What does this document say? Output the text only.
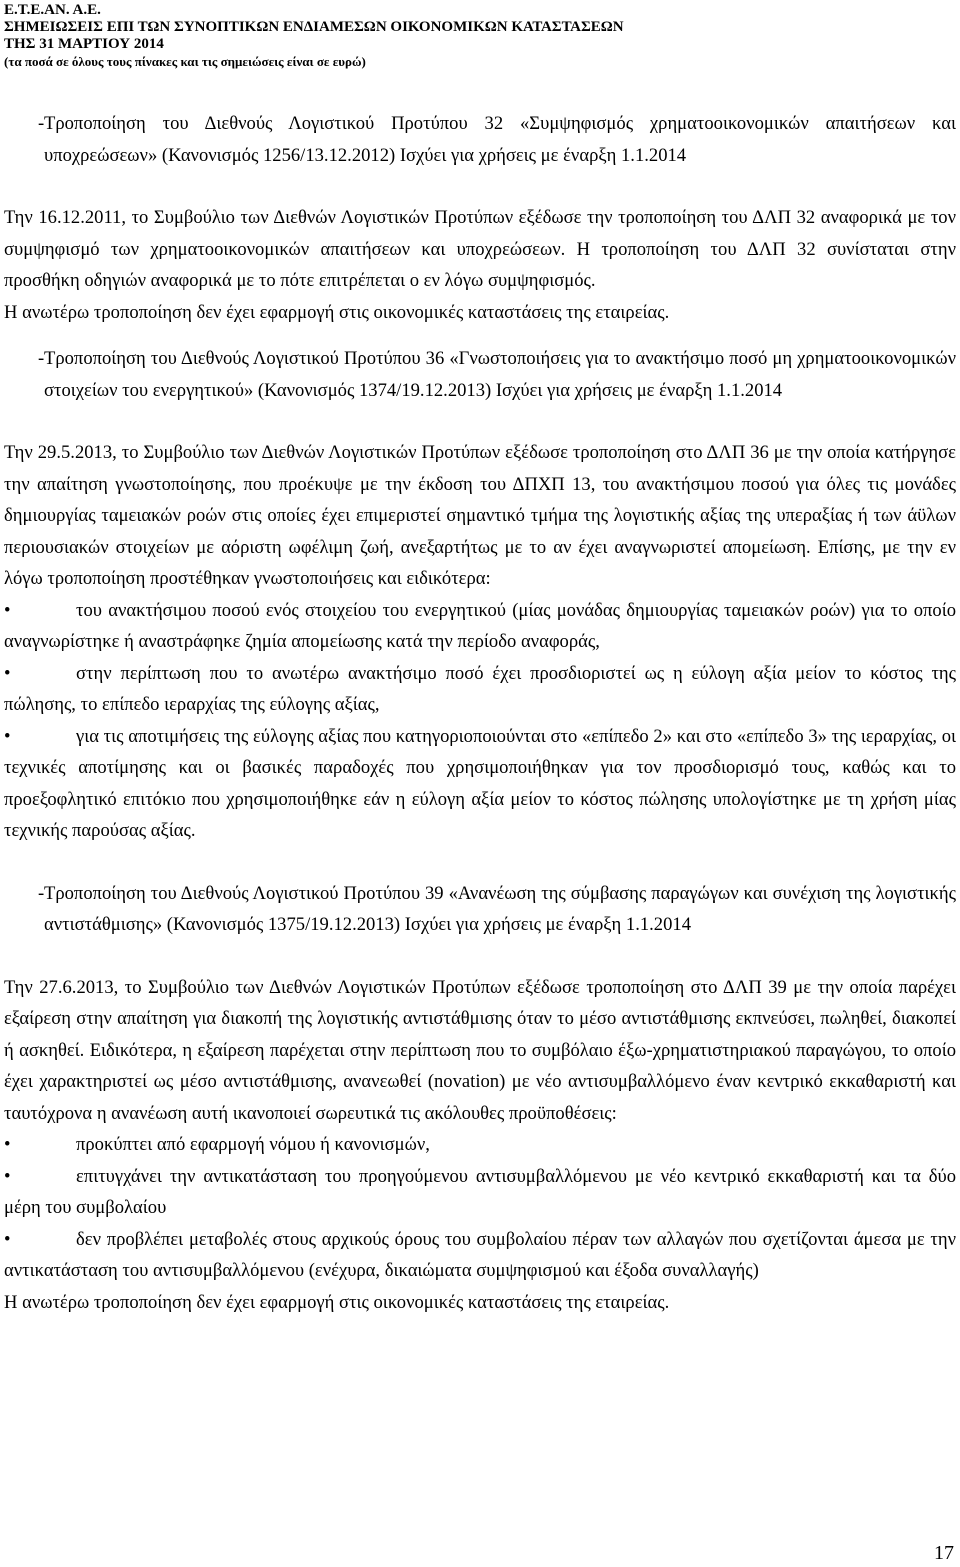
Ε.Τ.Ε.ΑΝ. Α.Ε.
ΣΗΜΕΙΩΣΕΙΣ ΕΠΙ ΤΩΝ ΣΥΝΟΠΤΙΚΩΝ ΕΝΔΙΑΜΕΣΩΝ ΟΙΚΟΝΟΜΙΚΩΝ ΚΑΤΑΣΤΑΣΕΩΝ
ΤΗΣ 31 ΜΑΡΤΙΟΥ 2014
(τα ποσά σε όλους τους πίνακες και τις σημειώσεις είναι σε ευρώ)
- Τροποποίηση του Διεθνούς Λογιστικού Προτύπου 32 «Συμψηφισμός χρηματοοικονομικών απαιτήσεων και υποχρεώσεων» (Κανονισμός 1256/13.12.2012) Ισχύει για χρήσεις με έναρξη 1.1.2014

Την 16.12.2011, το Συμβούλιο των Διεθνών Λογιστικών Προτύπων εξέδωσε την τροποποίηση του ΔΛΠ 32 αναφορικά με τον συμψηφισμό των χρηματοοικονομικών απαιτήσεων και υποχρεώσεων. Η τροποποίηση του ΔΛΠ 32 συνίσταται στην προσθήκη οδηγιών αναφορικά με το πότε επιτρέπεται ο εν λόγω συμψηφισμός.

Η ανωτέρω τροποποίηση δεν έχει εφαρμογή στις οικονομικές καταστάσεις της εταιρείας.

- Τροποποίηση του Διεθνούς Λογιστικού Προτύπου 36 «Γνωστοποιήσεις για το ανακτήσιμο ποσό μη χρηματοοικονομικών στοιχείων του ενεργητικού» (Κανονισμός 1374/19.12.2013) Ισχύει για χρήσεις με έναρξη 1.1.2014

Την 29.5.2013, το Συμβούλιο των Διεθνών Λογιστικών Προτύπων εξέδωσε τροποποίηση στο ΔΛΠ 36 με την οποία κατήργησε την απαίτηση γνωστοποίησης, που προέκυψε με την έκδοση του ΔΠΧΠ 13, του ανακτήσιμου ποσού για όλες τις μονάδες δημιουργίας ταμειακών ροών στις οποίες έχει επιμεριστεί σημαντικό τμήμα της λογιστικής αξίας της υπεραξίας ή των άϋλων περιουσιακών στοιχείων με αόριστη ωφέλιμη ζωή, ανεξαρτήτως με το αν έχει αναγνωριστεί απομείωση. Επίσης, με την εν λόγω τροποποίηση προστέθηκαν γνωστοποιήσεις και ειδικότερα:

•	του ανακτήσιμου ποσού ενός στοιχείου του ενεργητικού (μίας μονάδας δημιουργίας ταμειακών ροών) για το οποίο αναγνωρίστηκε ή αναστράφηκε ζημία απομείωσης κατά την περίοδο αναφοράς,

•	στην περίπτωση που το ανωτέρω ανακτήσιμο ποσό έχει προσδιοριστεί ως η εύλογη αξία μείον το κόστος της πώλησης, το επίπεδο ιεραρχίας της εύλογης αξίας,

•	για τις αποτιμήσεις της εύλογης αξίας που κατηγοριοποιούνται στο «επίπεδο 2» και στο «επίπεδο 3» της ιεραρχίας, οι τεχνικές αποτίμησης και οι βασικές παραδοχές που χρησιμοποιήθηκαν για τον προσδιορισμό τους, καθώς και το προεξοφλητικό επιτόκιο που χρησιμοποιήθηκε εάν η εύλογη αξία μείον το κόστος πώλησης υπολογίστηκε με τη χρήση μίας τεχνικής παρούσας αξίας.

- Τροποποίηση του Διεθνούς Λογιστικού Προτύπου 39 «Ανανέωση της σύμβασης παραγώγων και συνέχιση της λογιστικής αντιστάθμισης» (Κανονισμός 1375/19.12.2013) Ισχύει για χρήσεις με έναρξη 1.1.2014

Την 27.6.2013, το Συμβούλιο των Διεθνών Λογιστικών Προτύπων εξέδωσε τροποποίηση στο ΔΛΠ 39 με την οποία παρέχει εξαίρεση στην απαίτηση για διακοπή της λογιστικής αντιστάθμισης όταν το μέσο αντιστάθμισης εκπνεύσει, πωληθεί, διακοπεί ή ασκηθεί. Ειδικότερα, η εξαίρεση παρέχεται στην περίπτωση που το συμβόλαιο έξω-χρηματιστηριακού παραγώγου, το οποίο έχει χαρακτηριστεί ως μέσο αντιστάθμισης, ανανεωθεί (novation) με νέο αντισυμβαλλόμενο έναν κεντρικό εκκαθαριστή και ταυτόχρονα η ανανέωση αυτή ικανοποιεί σωρευτικά τις ακόλουθες προϋποθέσεις:

•	προκύπτει από εφαρμογή νόμου ή κανονισμών,

•	επιτυγχάνει την αντικατάσταση του προηγούμενου αντισυμβαλλόμενου με νέο κεντρικό εκκαθαριστή και τα δύο μέρη του συμβολαίου

•	δεν προβλέπει μεταβολές στους αρχικούς όρους του συμβολαίου πέραν των αλλαγών που σχετίζονται άμεσα με την αντικατάσταση του αντισυμβαλλόμενου (ενέχυρα, δικαιώματα συμψηφισμού και έξοδα συναλλαγής)

Η ανωτέρω τροποποίηση δεν έχει εφαρμογή στις οικονομικές καταστάσεις της εταιρείας.

17
